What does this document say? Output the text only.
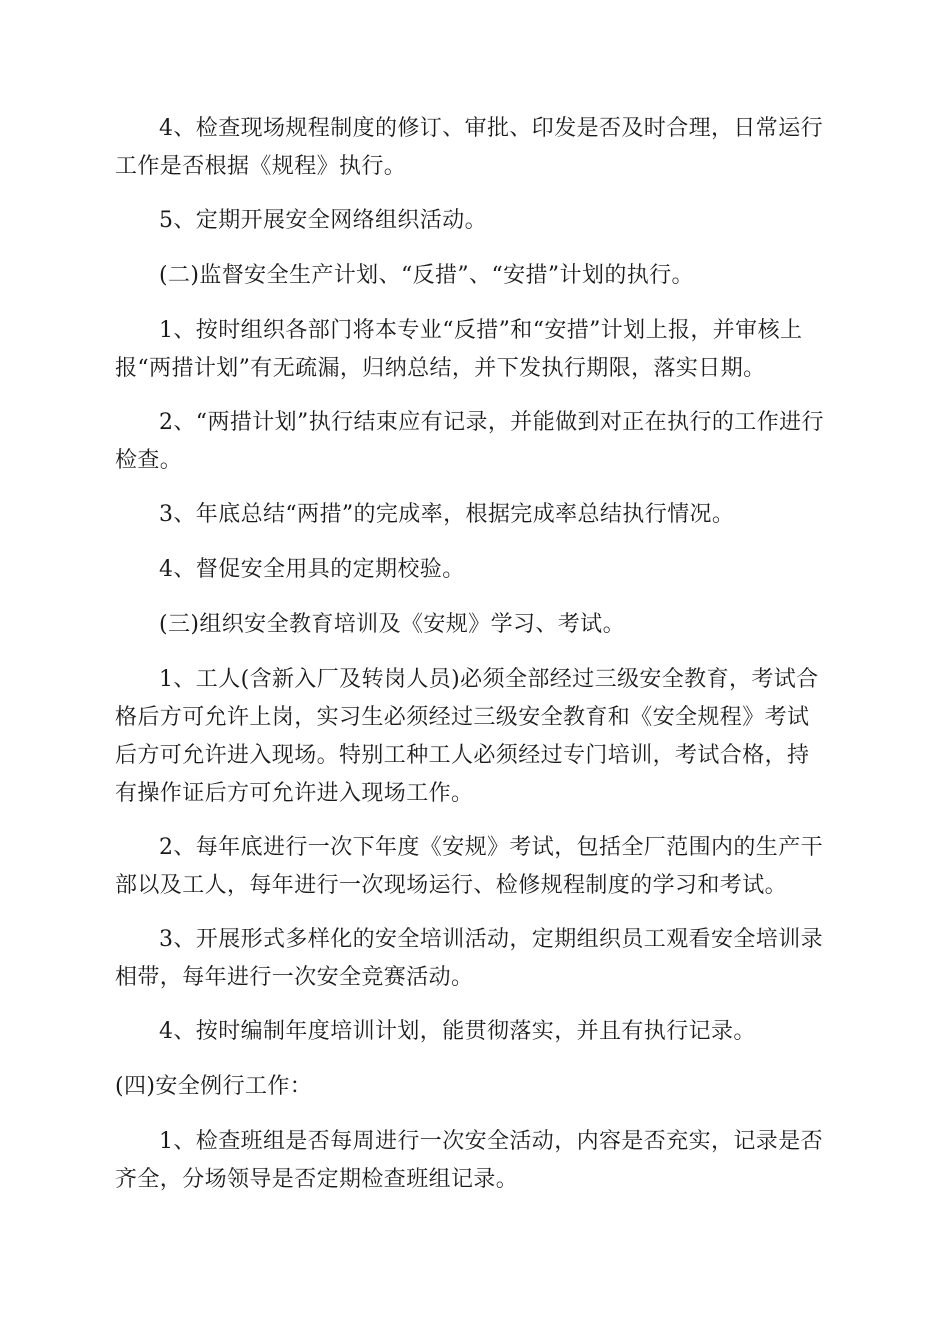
4、检查现场规程制度的修订、审批、印发是否及时合理，日常运行工作是否根据《规程》执行。

5、定期开展安全网络组织活动。

(二)监督安全生产计划、“反措”、“安措”计划的执行。

1、按时组织各部门将本专业“反措”和“安措”计划上报，并审核上报“两措计划”有无疏漏，归纳总结，并下发执行期限，落实日期。

2、“两措计划”执行结束应有记录，并能做到对正在执行的工作进行检查。

3、年底总结“两措”的完成率，根据完成率总结执行情况。

4、督促安全用具的定期校验。

(三)组织安全教育培训及《安规》学习、考试。

1、工人(含新入厂及转岗人员)必须全部经过三级安全教育，考试合格后方可允许上岗，实习生必须经过三级安全教育和《安全规程》考试后方可允许进入现场。特别工种工人必须经过专门培训，考试合格，持有操作证后方可允许进入现场工作。

2、每年底进行一次下年度《安规》考试，包括全厂范围内的生产干部以及工人，每年进行一次现场运行、检修规程制度的学习和考试。

3、开展形式多样化的安全培训活动，定期组织员工观看安全培训录相带，每年进行一次安全竞赛活动。

4、按时编制年度培训计划，能贯彻落实，并且有执行记录。

(四)安全例行工作：

1、检查班组是否每周进行一次安全活动，内容是否充实，记录是否齐全，分场领导是否定期检查班组记录。
